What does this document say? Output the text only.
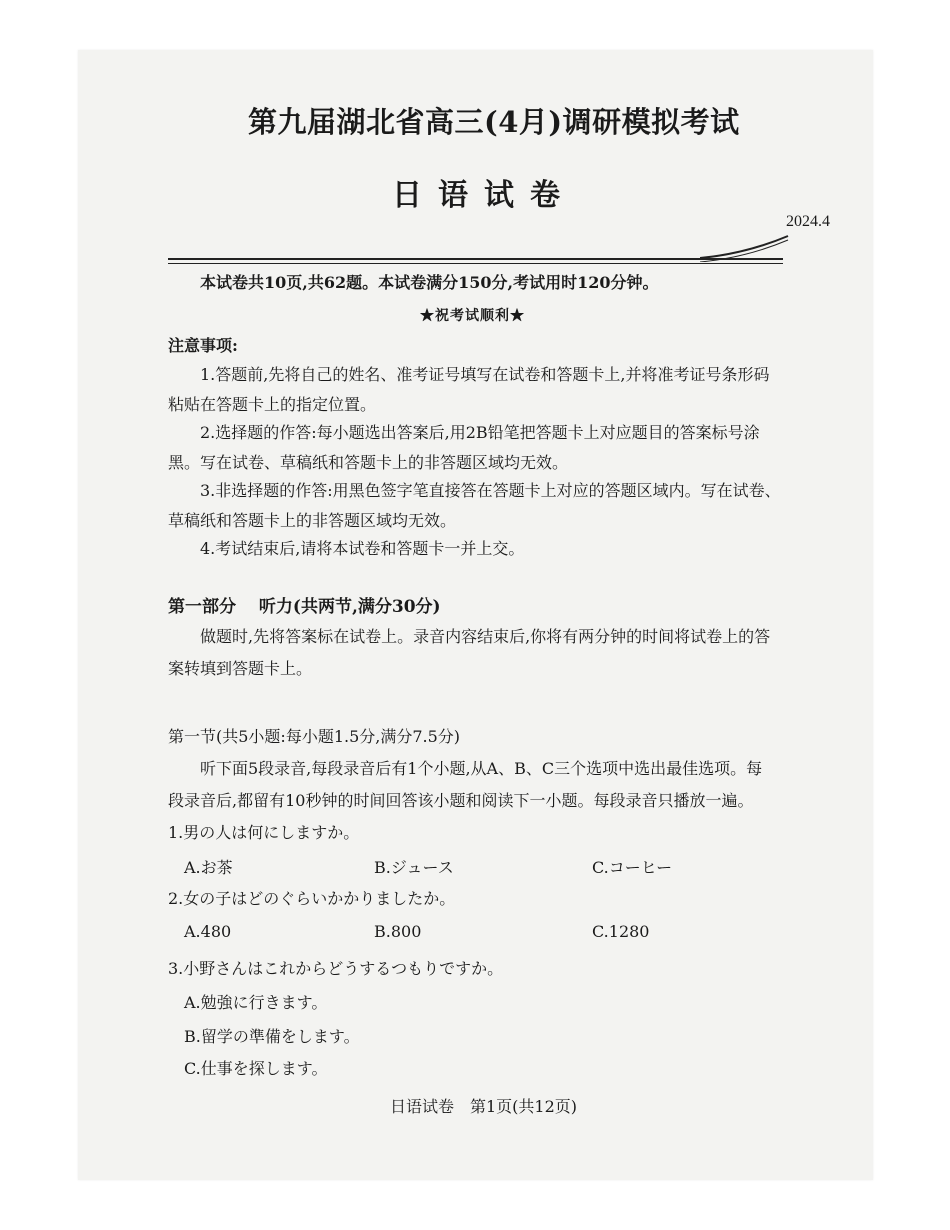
第九届湖北省高三(4月)调研模拟考试
日语试卷
2024.4
本试卷共10页,共62题。本试卷满分150分,考试用时120分钟。
★祝考试顺利★
注意事项:
1.答题前,先将自己的姓名、准考证号填写在试卷和答题卡上,并将准考证号条形码
粘贴在答题卡上的指定位置。
2.选择题的作答:每小题选出答案后,用2B铅笔把答题卡上对应题目的答案标号涂
黑。写在试卷、草稿纸和答题卡上的非答题区域均无效。
3.非选择题的作答:用黑色签字笔直接答在答题卡上对应的答题区域内。写在试卷、
草稿纸和答题卡上的非答题区域均无效。
4.考试结束后,请将本试卷和答题卡一并上交。
第一部分　 听力(共两节,满分30分)
做题时,先将答案标在试卷上。录音内容结束后,你将有两分钟的时间将试卷上的答
案转填到答题卡上。
第一节(共5小题:每小题1.5分,满分7.5分)
听下面5段录音,每段录音后有1个小题,从A、B、C三个选项中选出最佳选项。每
段录音后,都留有10秒钟的时间回答该小题和阅读下一小题。每段录音只播放一遍。
1.男の人は何にしますか。
A.お茶	B.ジュース	C.コーヒー
2.女の子はどのぐらいかかりましたか。
A.480	B.800	C.1280
3.小野さんはこれからどうするつもりですか。
A.勉強に行きます。
B.留学の準備をします。
C.仕事を探します。
日语试卷　第1页(共12页)
